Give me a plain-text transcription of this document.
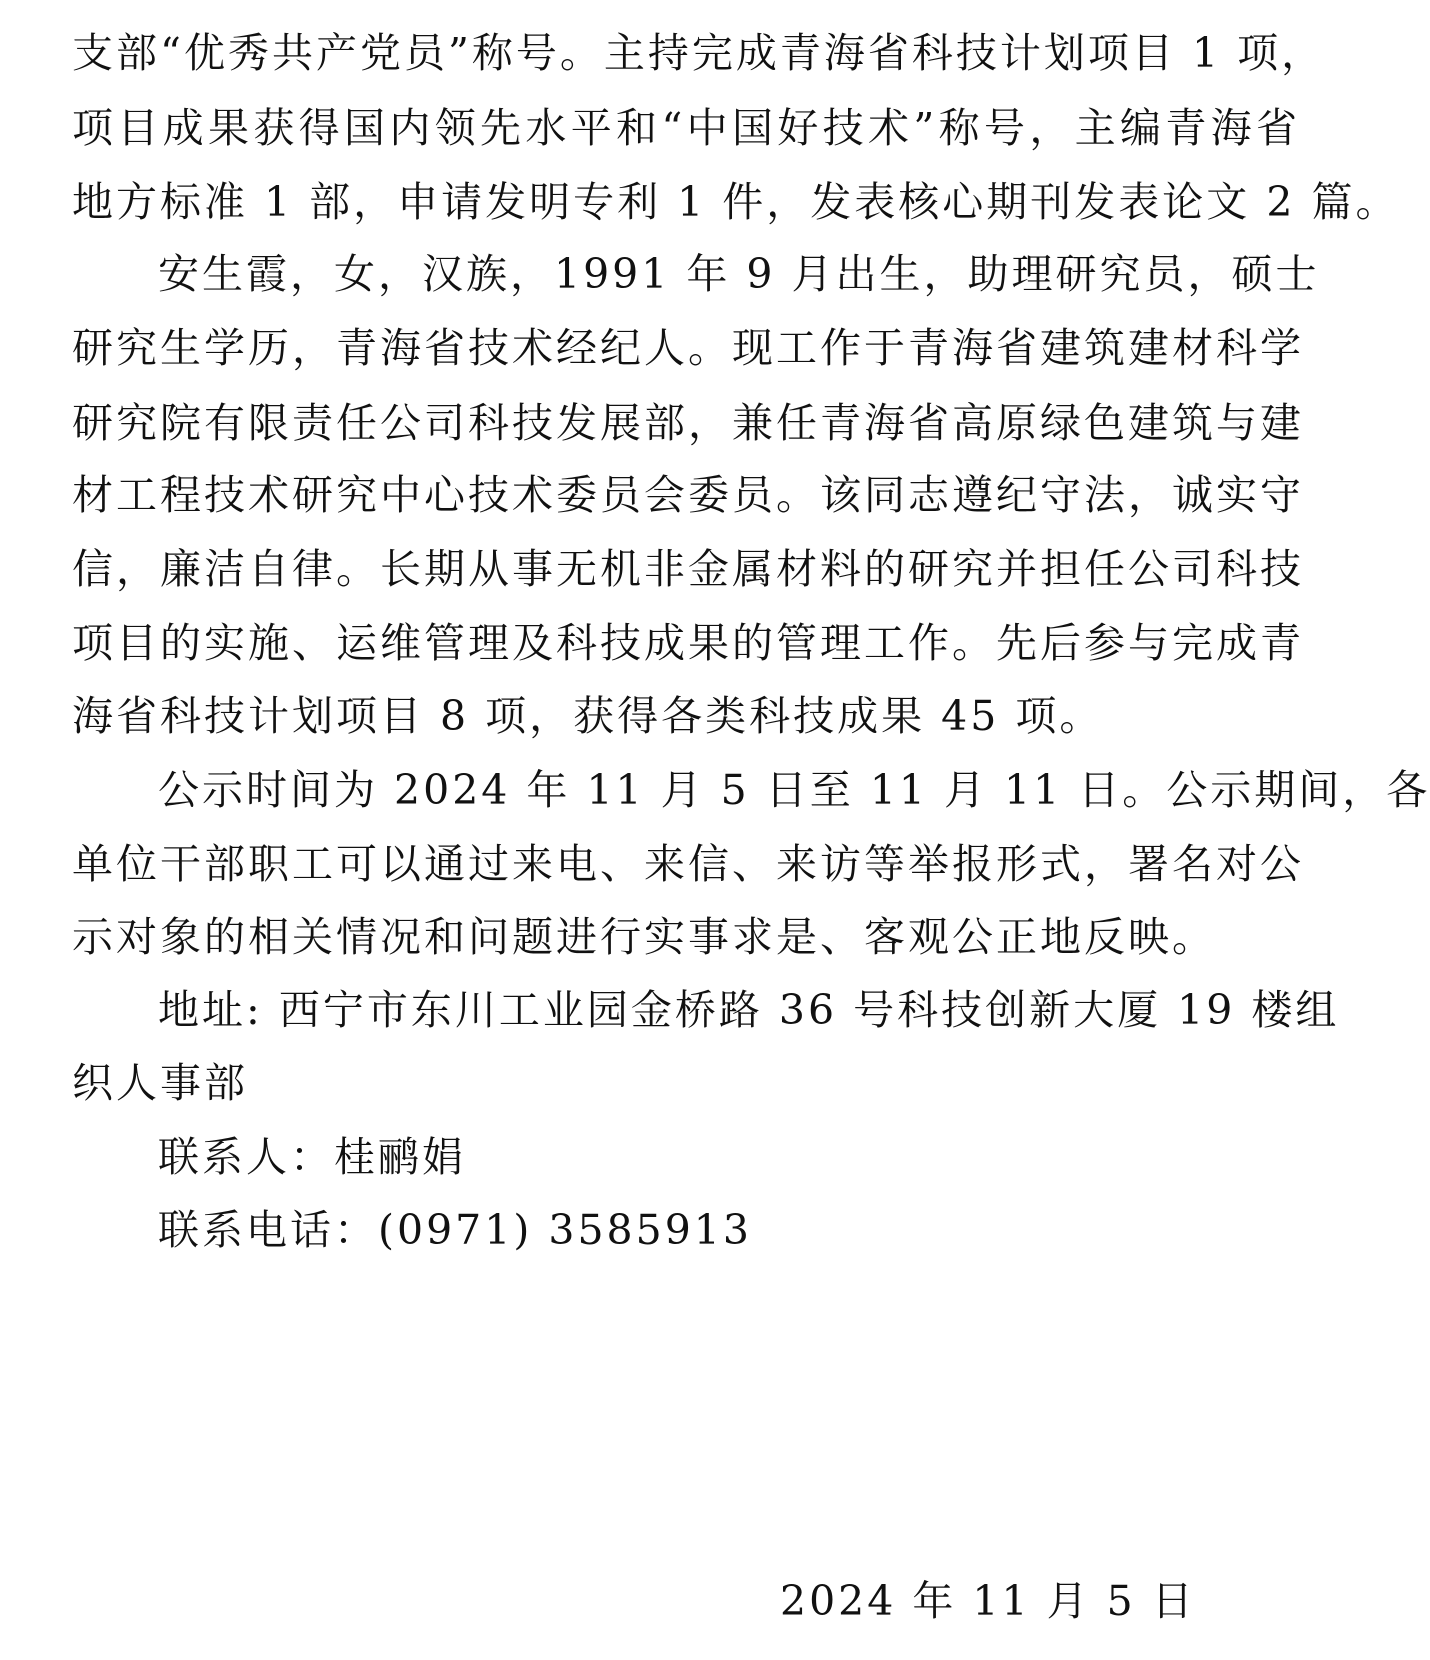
支部“优秀共产党员”称号。主持完成青海省科技计划项目 1 项，
项目成果获得国内领先水平和“中国好技术”称号，主编青海省
地方标准 1 部，申请发明专利 1 件，发表核心期刊发表论文 2 篇。
安生霞，女，汉族，1991 年 9 月出生，助理研究员，硕士
研究生学历，青海省技术经纪人。现工作于青海省建筑建材科学
研究院有限责任公司科技发展部，兼任青海省高原绿色建筑与建
材工程技术研究中心技术委员会委员。该同志遵纪守法，诚实守
信，廉洁自律。长期从事无机非金属材料的研究并担任公司科技
项目的实施、运维管理及科技成果的管理工作。先后参与完成青
海省科技计划项目 8 项，获得各类科技成果 45 项。
公示时间为 2024 年 11 月 5 日至 11 月 11 日。公示期间，各
单位干部职工可以通过来电、来信、来访等举报形式，署名对公
示对象的相关情况和问题进行实事求是、客观公正地反映。
地址: 西宁市东川工业园金桥路 36 号科技创新大厦 19 楼组
织人事部
联系人：桂鹂娟
联系电话：(0971) 3585913
2024 年 11 月 5 日
